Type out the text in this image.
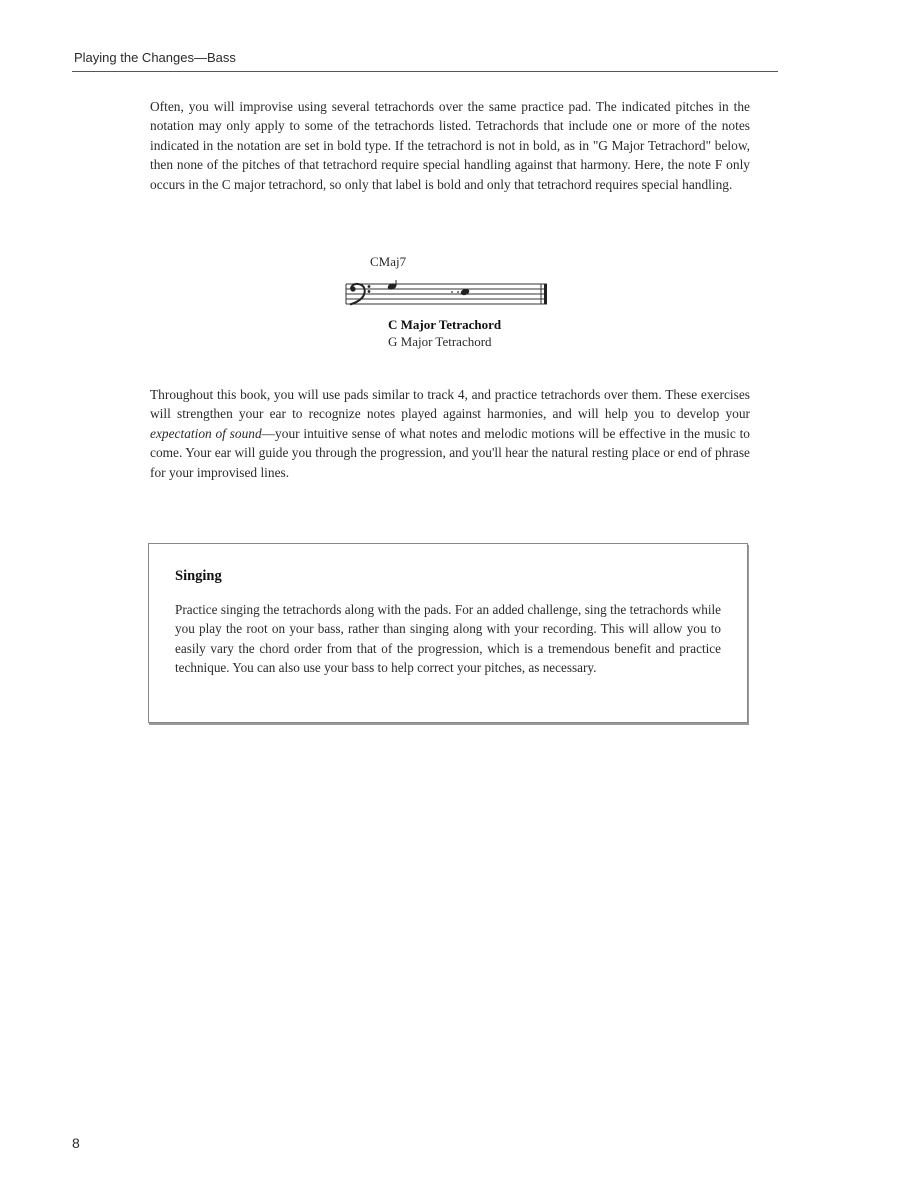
Playing the Changes—Bass

Often, you will improvise using several tetrachords over the same practice pad. The indicated pitches in the notation may only apply to some of the tetrachords listed. Tetrachords that include one or more of the notes indicated in the notation are set in bold type. If the tetrachord is not in bold, as in "G Major Tetrachord" below, then none of the pitches of that tetrachord require special handling against that harmony. Here, the note F only occurs in the C major tetrachord, so only that label is bold and only that tetrachord requires special handling.

CMaj7
C Major Tetrachord
G Major Tetrachord

Throughout this book, you will use pads similar to track 4, and practice tetrachords over them. These exercises will strengthen your ear to recognize notes played against harmonies, and will help you to develop your expectation of sound—your intuitive sense of what notes and melodic motions will be effective in the music to come. Your ear will guide you through the progression, and you'll hear the natural resting place or end of phrase for your improvised lines.

Singing

Practice singing the tetrachords along with the pads. For an added challenge, sing the tetrachords while you play the root on your bass, rather than singing along with your recording. This will allow you to easily vary the chord order from that of the progression, which is a tremendous benefit and practice technique. You can also use your bass to help correct your pitches, as necessary.

8
